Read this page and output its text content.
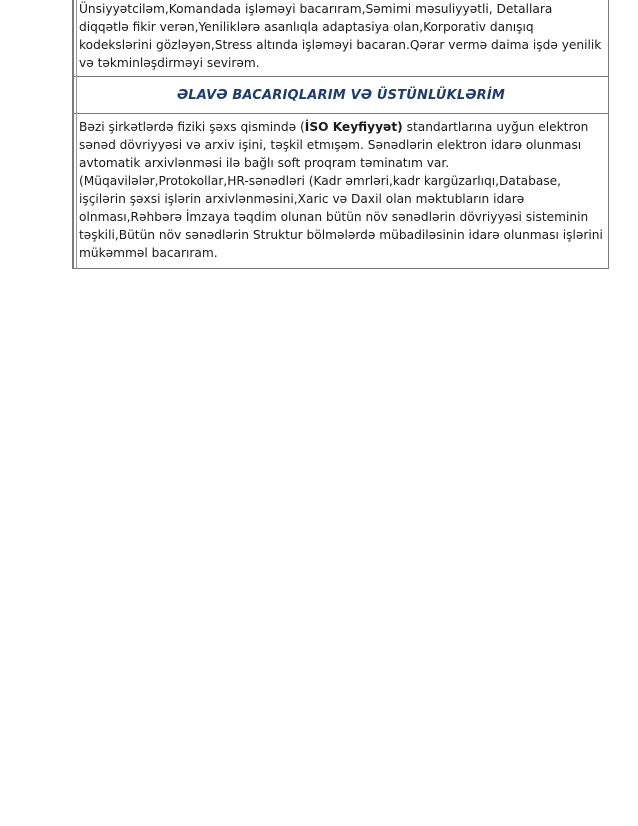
Ünsiyyətciləm,Komandada işləməyi bacarıram,Səmimi məsuliyyətli, Detallara diqqətlə fikir verən,Yeniliklərə asanlıqla adaptasiya olan,Korporativ danışıq kodekslərini gözləyən,Stress altında işləməyi bacaran.Qərar vermə daima işdə yenilik və təkminləşdirməyi sevirəm.

ƏLAVƏ BACARIQLARIM VƏ ÜSTÜNLÜKLƏRİM

Bəzi şirkətlərdə fiziki şəxs qismində (İSO Keyfiyyət) standartlarına uyğun elektron sənəd dövriyyəsi və arxiv işini, təşkil etmışəm. Sənədlərin elektron idarə olunması avtomatik arxivlənməsi ilə bağlı soft proqram təminatım var.(Müqavilələr,Protokollar,HR-sənədləri (Kadr əmrləri,kadr kargüzarlıqı,Database, işçilərin şəxsi işlərin arxivlənməsini,Xaric və Daxil olan məktubların idarə olnması,Rəhbərə İmzaya təqdim olunan bütün növ sənədlərin dövriyyəsi sisteminin təşkili,Bütün növ sənədlərin Struktur bölmələrdə mübadiləsinin idarə olunması işlərini mükəmməl bacarıram.
